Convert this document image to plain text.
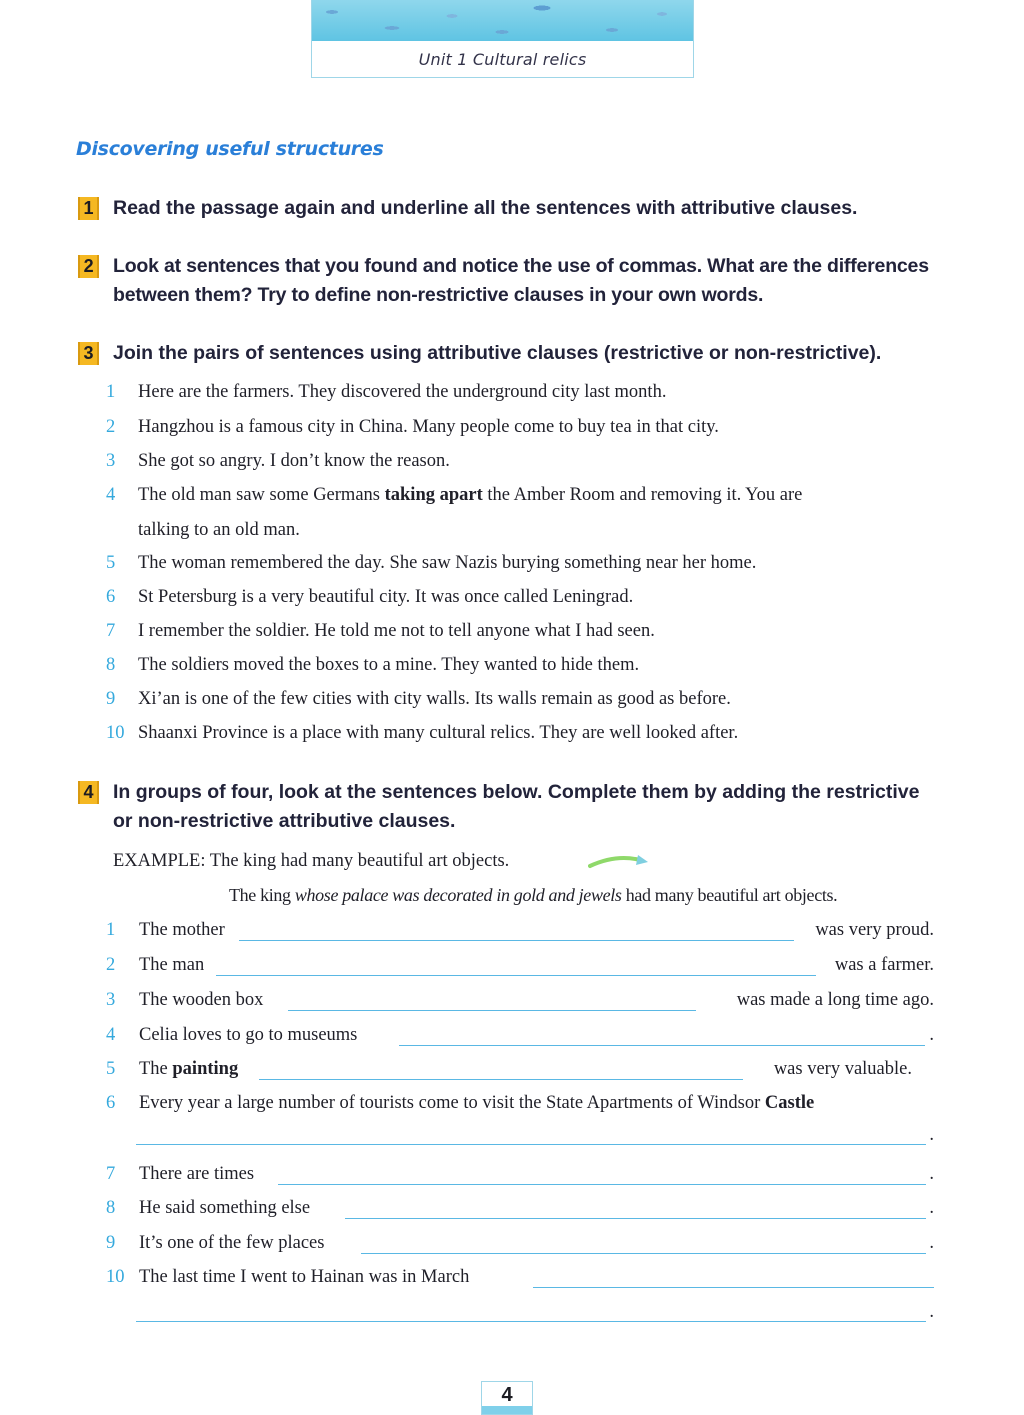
Unit 1 Cultural relics
Discovering useful structures
1 Read the passage again and underline all the sentences with attributive clauses.
2 Look at sentences that you found and notice the use of commas. What are the differences between them? Try to define non-restrictive clauses in your own words.
3 Join the pairs of sentences using attributive clauses (restrictive or non-restrictive).
1	Here are the farmers. They discovered the underground city last month.
2	Hangzhou is a famous city in China. Many people come to buy tea in that city.
3	She got so angry. I don’t know the reason.
4	The old man saw some Germans taking apart the Amber Room and removing it. You are
talking to an old man.
5	The woman remembered the day. She saw Nazis burying something near her home.
6	St Petersburg is a very beautiful city. It was once called Leningrad.
7	I remember the soldier. He told me not to tell anyone what I had seen.
8	The soldiers moved the boxes to a mine. They wanted to hide them.
9	Xi’an is one of the few cities with city walls. Its walls remain as good as before.
10 Shaanxi Province is a place with many cultural relics. They are well looked after.
4 In groups of four, look at the sentences below. Complete them by adding the restrictive or non-restrictive attributive clauses.
EXAMPLE: The king had many beautiful art objects.
The king whose palace was decorated in gold and jewels had many beautiful art objects.
1 The mother	was very proud.
2 The man	was a farmer.
3 The wooden box	was made a long time ago.
4 Celia loves to go to museums	.
5 The painting	was very valuable.
6 Every year a large number of tourists come to visit the State Apartments of Windsor Castle
.
7 There are times	.
8 He said something else	.
9 It’s one of the few places	.
10 The last time I went to Hainan was in March
.
4
